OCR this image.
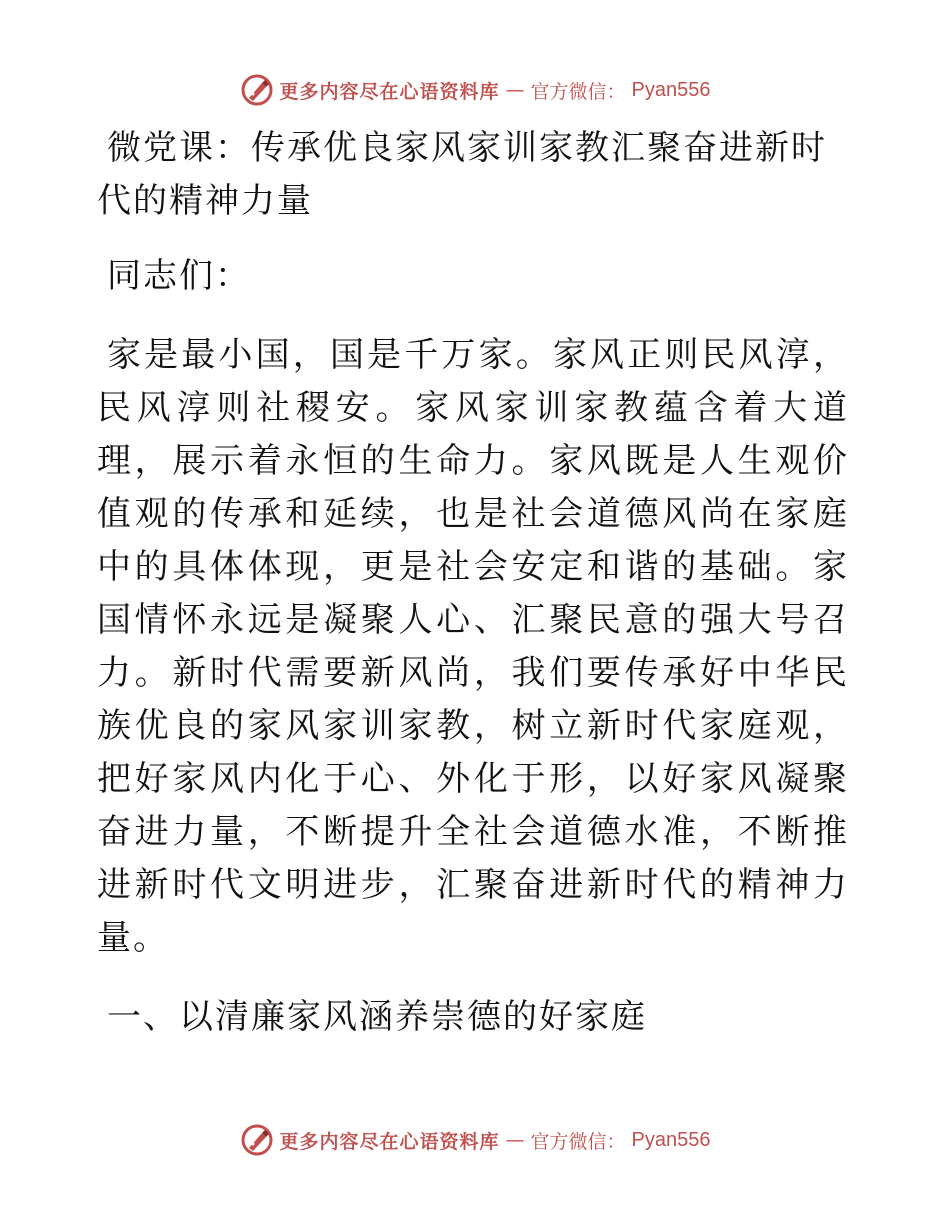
更多内容尽在心语资料库 — 官方微信： Pyan556
微党课：传承优良家风家训家教汇聚奋进新时代的精神力量

同志们：

家是最小国，国是千万家。家风正则民风淳，民风淳则社稷安。家风家训家教蕴含着大道理，展示着永恒的生命力。家风既是人生观价值观的传承和延续，也是社会道德风尚在家庭中的具体体现，更是社会安定和谐的基础。家国情怀永远是凝聚人心、汇聚民意的强大号召力。新时代需要新风尚，我们要传承好中华民族优良的家风家训家教，树立新时代家庭观，把好家风内化于心、外化于形，以好家风凝聚奋进力量，不断提升全社会道德水准，不断推进新时代文明进步，汇聚奋进新时代的精神力量。

一、以清廉家风涵养崇德的好家庭
更多内容尽在心语资料库 — 官方微信： Pyan556
